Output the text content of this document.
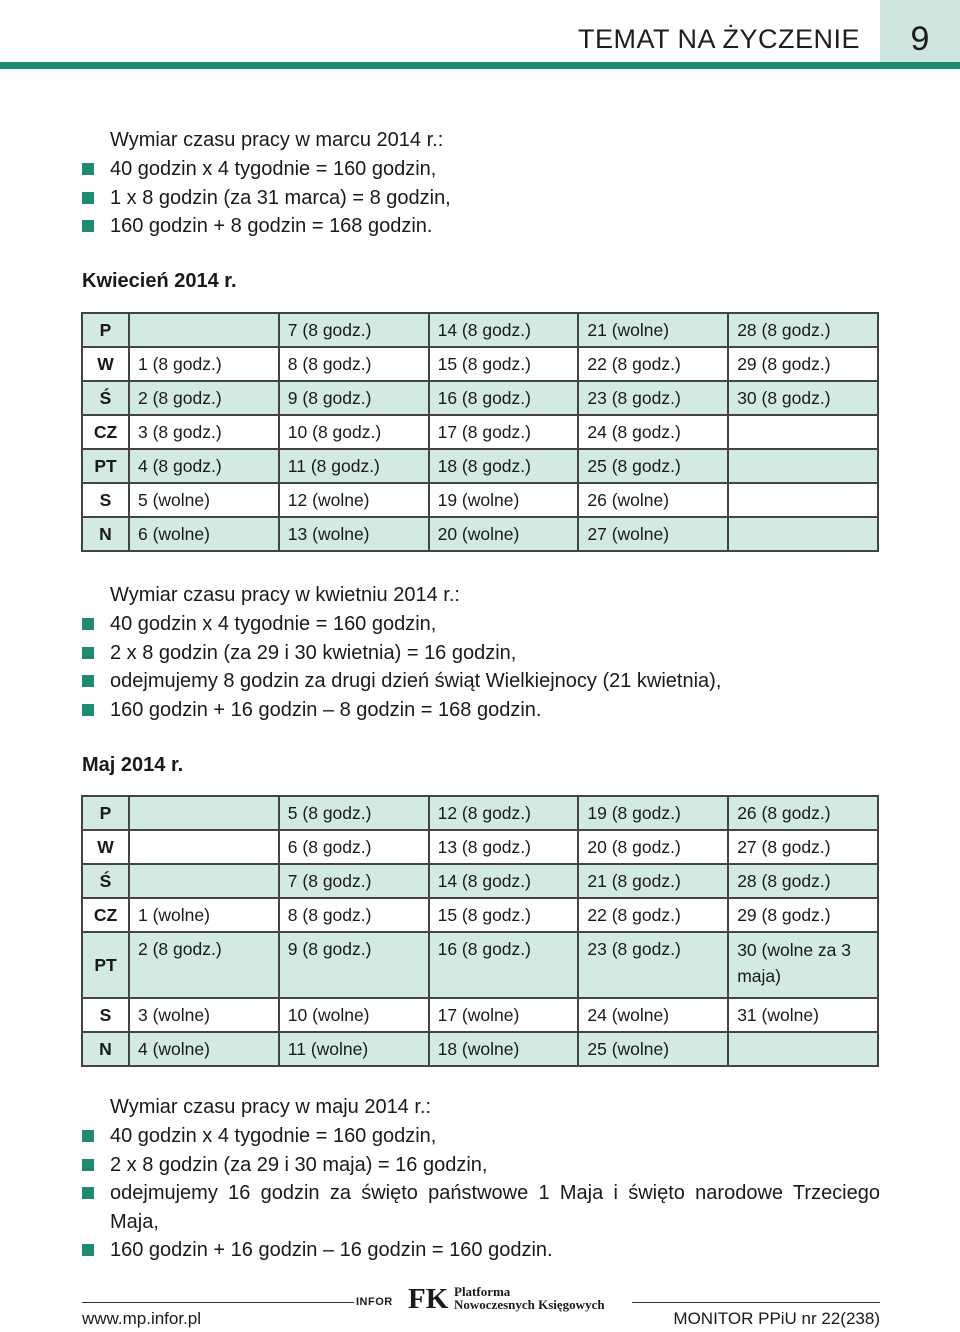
TEMAT NA ŻYCZENIE	9
Wymiar czasu pracy w marcu 2014 r.:
40 godzin x 4 tygodnie = 160 godzin,
1 x 8 godzin (za 31 marca) = 8 godzin,
160 godzin + 8 godzin = 168 godzin.
Kwiecień 2014 r.
P		7 (8 godz.)	14 (8 godz.)	21 (wolne)	28 (8 godz.)
W	1 (8 godz.)	8 (8 godz.)	15 (8 godz.)	22 (8 godz.)	29 (8 godz.)
Ś	2 (8 godz.)	9 (8 godz.)	16 (8 godz.)	23 (8 godz.)	30 (8 godz.)
CZ	3 (8 godz.)	10 (8 godz.)	17 (8 godz.)	24 (8 godz.)	
PT	4 (8 godz.)	11 (8 godz.)	18 (8 godz.)	25 (8 godz.)	
S	5 (wolne)	12 (wolne)	19 (wolne)	26 (wolne)	
N	6 (wolne)	13 (wolne)	20 (wolne)	27 (wolne)	
Wymiar czasu pracy w kwietniu 2014 r.:
40 godzin x 4 tygodnie = 160 godzin,
2 x 8 godzin (za 29 i 30 kwietnia) = 16 godzin,
odejmujemy 8 godzin za drugi dzień świąt Wielkiejnocy (21 kwietnia),
160 godzin + 16 godzin – 8 godzin = 168 godzin.
Maj 2014 r.
P		5 (8 godz.)	12 (8 godz.)	19 (8 godz.)	26 (8 godz.)
W		6 (8 godz.)	13 (8 godz.)	20 (8 godz.)	27 (8 godz.)
Ś		7 (8 godz.)	14 (8 godz.)	21 (8 godz.)	28 (8 godz.)
CZ	1 (wolne)	8 (8 godz.)	15 (8 godz.)	22 (8 godz.)	29 (8 godz.)
PT	2 (8 godz.)	9 (8 godz.)	16 (8 godz.)	23 (8 godz.)	30 (wolne za 3 maja)
S	3 (wolne)	10 (wolne)	17 (wolne)	24 (wolne)	31 (wolne)
N	4 (wolne)	11 (wolne)	18 (wolne)	25 (wolne)	
Wymiar czasu pracy w maju 2014 r.:
40 godzin x 4 tygodnie = 160 godzin,
2 x 8 godzin (za 29 i 30 maja) = 16 godzin,
odejmujemy 16 godzin za święto państwowe 1 Maja i święto narodowe Trzeciego Maja,
160 godzin + 16 godzin – 16 godzin = 160 godzin.
INFOR FK Platforma
Nowoczesnych Księgowych
www.mp.infor.pl	MONITOR PPiU nr 22(238)
